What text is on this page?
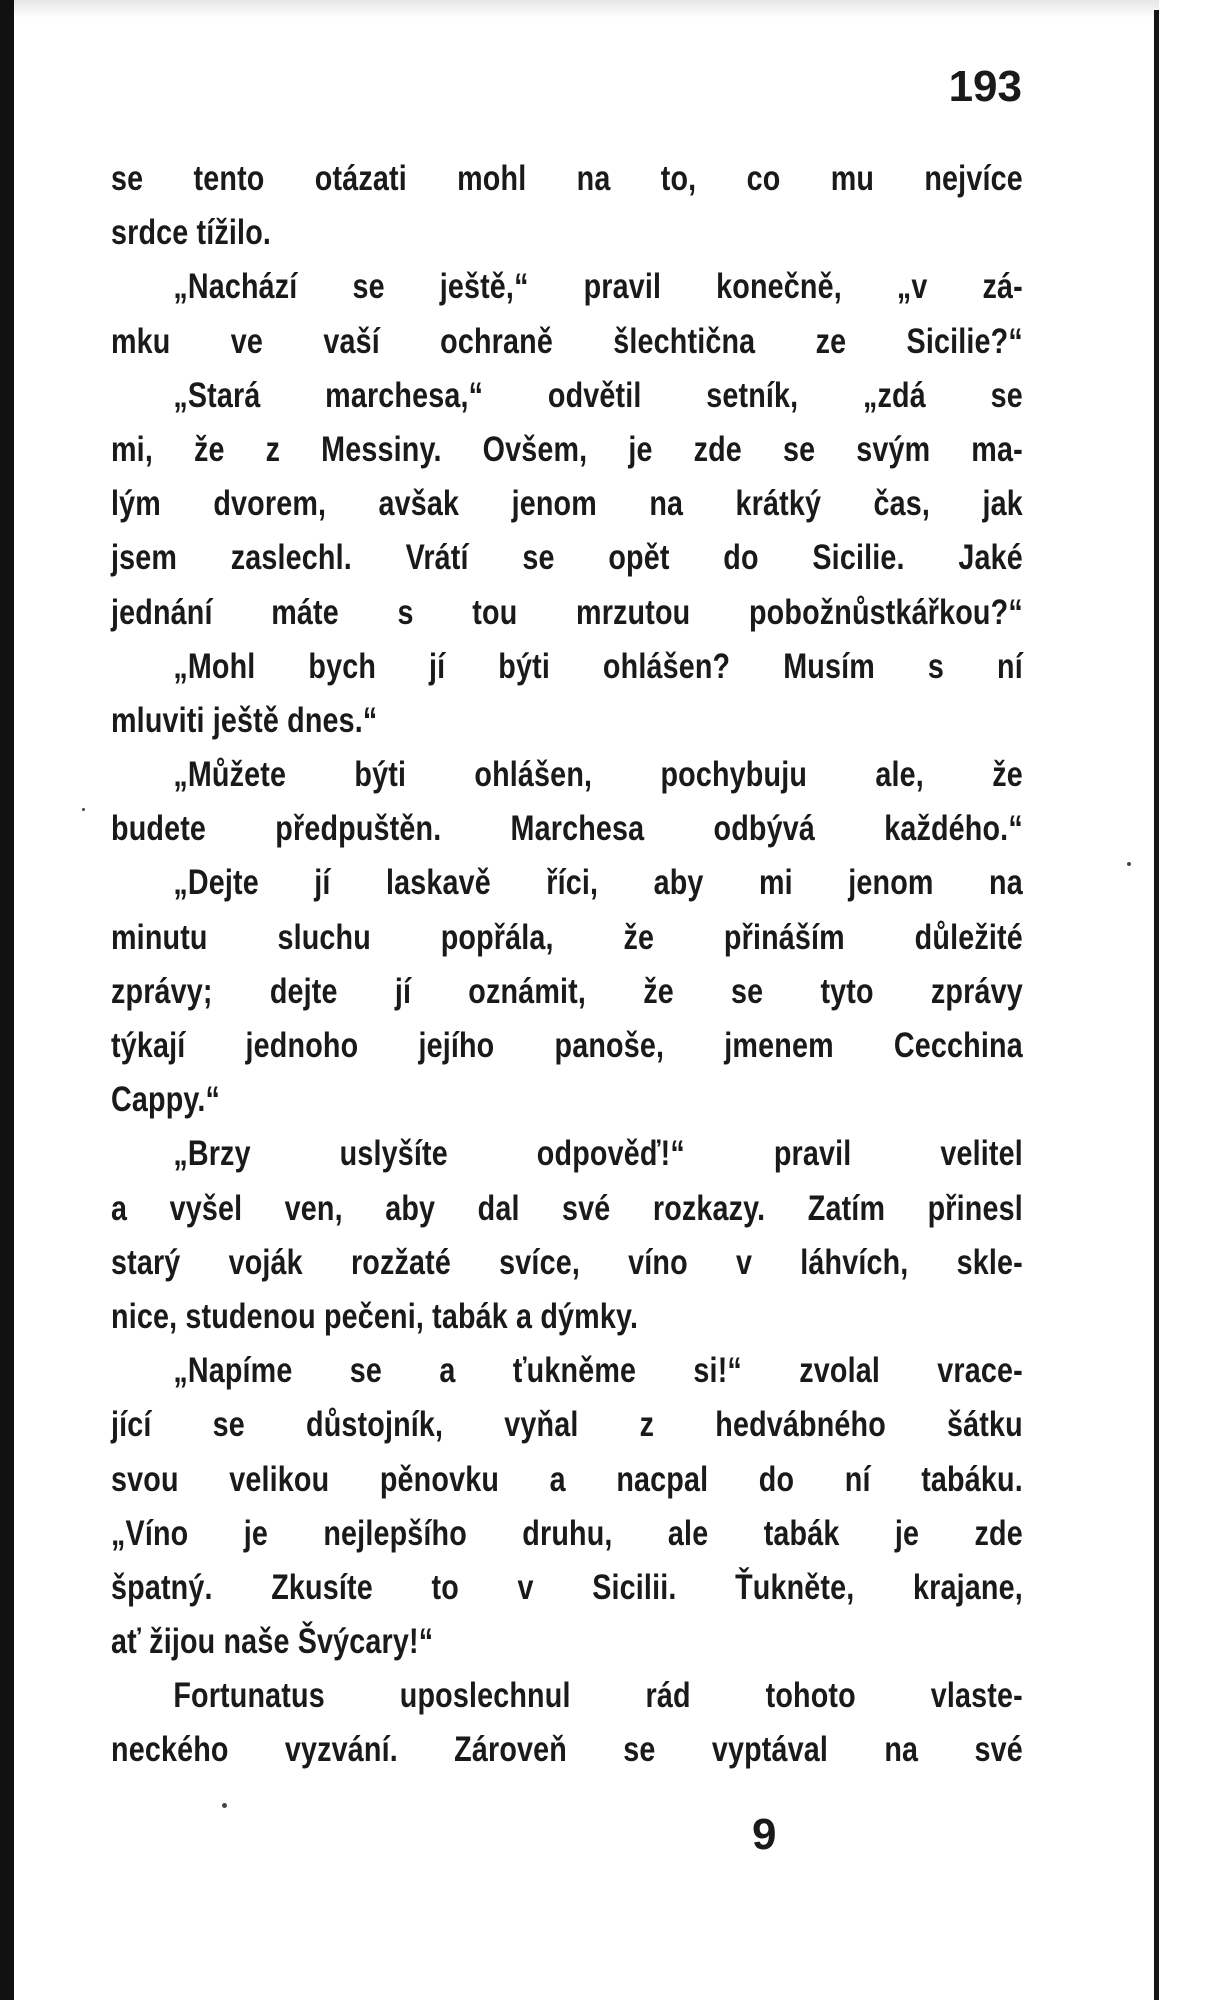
193
se tento otázati mohl na to, co mu nejvíce
srdce tížilo.
„Nachází se ještě,“ pravil konečně, „v zá-
mku ve vaší ochraně šlechtična ze Sicilie?“
„Stará marchesa,“ odvětil setník, „zdá se
mi, že z Messiny. Ovšem, je zde se svým ma-
lým dvorem, avšak jenom na krátký čas, jak
jsem zaslechl. Vrátí se opět do Sicilie. Jaké
jednání máte s tou mrzutou pobožnůstkářkou?“
„Mohl bych jí býti ohlášen? Musím s ní
mluviti ještě dnes.“
„Můžete býti ohlášen, pochybuju ale, že
budete předpuštěn. Marchesa odbývá každého.“
„Dejte jí laskavě říci, aby mi jenom na
minutu sluchu popřála, že přináším důležité
zprávy; dejte jí oznámit, že se tyto zprávy
týkají jednoho jejího panoše, jmenem Cecchina
Cappy.“
„Brzy uslyšíte odpověď!“ pravil velitel
a vyšel ven, aby dal své rozkazy. Zatím přinesl
starý voják rozžaté svíce, víno v láhvích, skle-
nice, studenou pečeni, tabák a dýmky.
„Napíme se a ťukněme si!“ zvolal vrace-
jící se důstojník, vyňal z hedvábného šátku
svou velikou pěnovku a nacpal do ní tabáku.
„Víno je nejlepšího druhu, ale tabák je zde
špatný. Zkusíte to v Sicilii. Ťukněte, krajane,
ať žijou naše Švýcary!“
Fortunatus uposlechnul rád tohoto vlaste-
neckého vyzvání. Zároveň se vyptával na své
9
